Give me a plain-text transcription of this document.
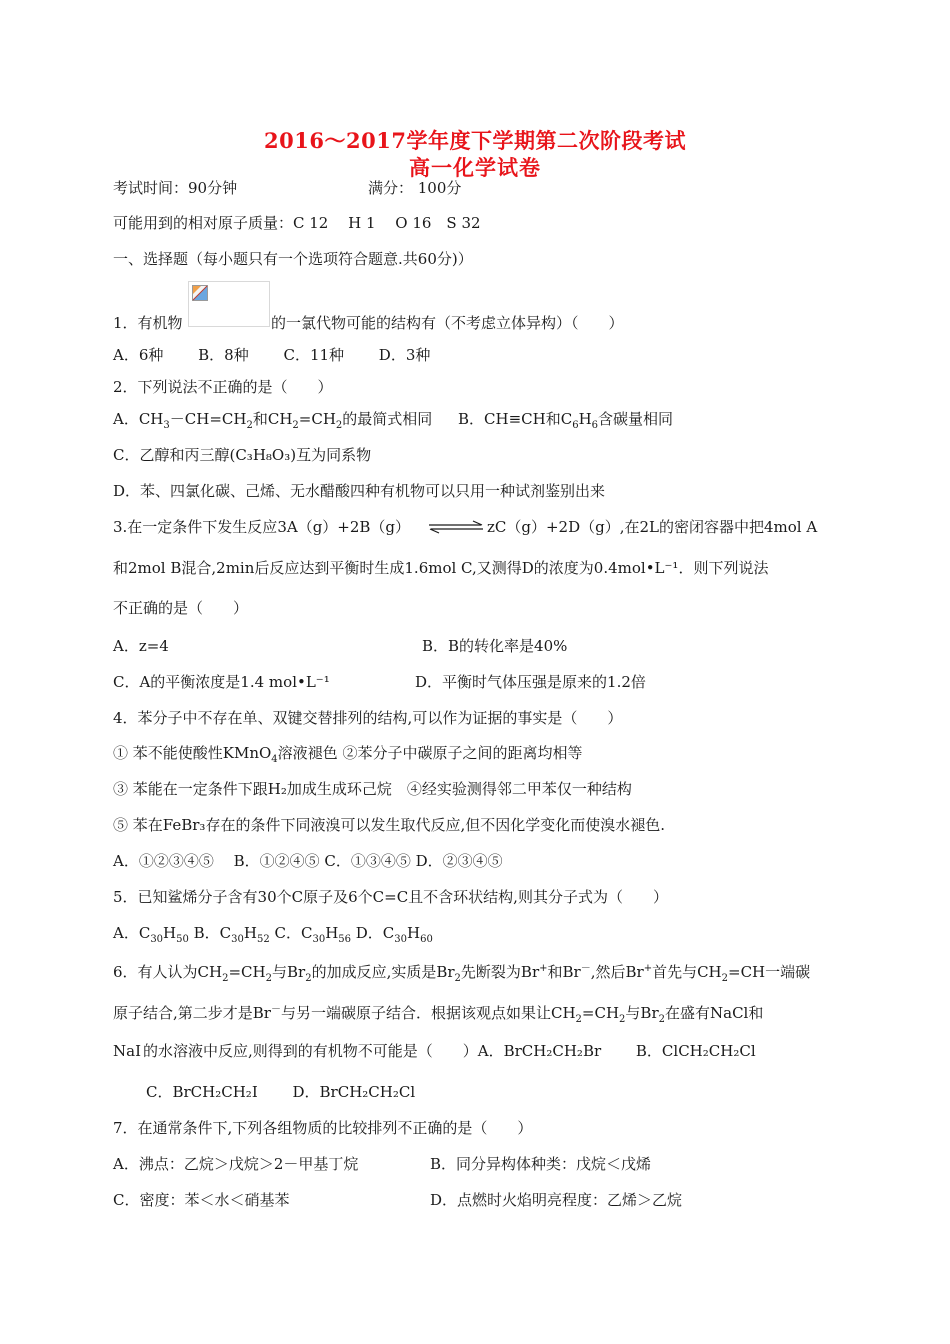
2016～2017学年度下学期第二次阶段考试
高一化学试卷
考试时间：90分钟	满分： 100分
可能用到的相对原子质量：C 12　 H 1　 O 16　S 32
一、选择题（每小题只有一个选项符合题意.共60分)）
1．有机物	的一氯代物可能的结构有（不考虑立体异构）（　　）
A．6种　　 B．8种　　 C．11种　　 D．3种
2．下列说法不正确的是（　　）
A．$CH_3-CH=CH_2$和$CH_2=CH_2$的最简式相同 B．CH≡CH和$C_6H_6$含碳量相同
C．乙醇和丙三醇(C₃H₈O₃)互为同系物
D．苯、四氯化碳、己烯、无水醋酸四种有机物可以只用一种试剂鉴别出来
3.在一定条件下发生反应3A（g）+2B（g） ⇌ zC（g）+2D（g）,在2L的密闭容器中把4mol A
和2mol B混合,2min后反应达到平衡时生成1.6mol C,又测得D的浓度为0.4mol•L⁻¹．则下列说法
不正确的是（　　）
A．z=4	B．B的转化率是40%
C．A的平衡浓度是1.4 mol•L⁻¹	D．平衡时气体压强是原来的1.2倍
4．苯分子中不存在单、双键交替排列的结构,可以作为证据的事实是（　　）
① 苯不能使酸性KMnO$_4$溶液褪色 ②苯分子中碳原子之间的距离均相等
③ 苯能在一定条件下跟H₂加成生成环己烷　④经实验测得邻二甲苯仅一种结构
⑤ 苯在FeBr₃存在的条件下同液溴可以发生取代反应,但不因化学变化而使溴水褪色.
A．①②③④⑤　 B．①②④⑤ C．①③④⑤ D．②③④⑤
5．已知鲨烯分子含有30个C原子及6个C=C且不含环状结构,则其分子式为（　　）
A．$C_{30}H_{50}$ B．$C_{30}H_{52}$ C．$C_{30}H_{56}$ D．$C_{30}H_{60}$
6．有人认为$CH_2=CH_2$与$Br_2$的加成反应,实质是$Br_2$先断裂为Br+和Br－,然后Br+首先与$CH_2=CH$一端碳
原子结合,第二步才是Br－与另一端碳原子结合．根据该观点如果让$CH_2=CH_2$与$Br_2$在盛有NaCl和
NaI 的水溶液中反应,则得到的有机物不可能是（　　）A．BrCH₂CH₂Br　　 B．ClCH₂CH₂Cl
C．BrCH₂CH₂I　　 D．BrCH₂CH₂Cl
7．在通常条件下,下列各组物质的比较排列不正确的是（　　）
A．沸点：乙烷＞戊烷＞2－甲基丁烷	B．同分异构体种类：戊烷＜戊烯
C．密度：苯＜水＜硝基苯	D．点燃时火焰明亮程度：乙烯＞乙烷
